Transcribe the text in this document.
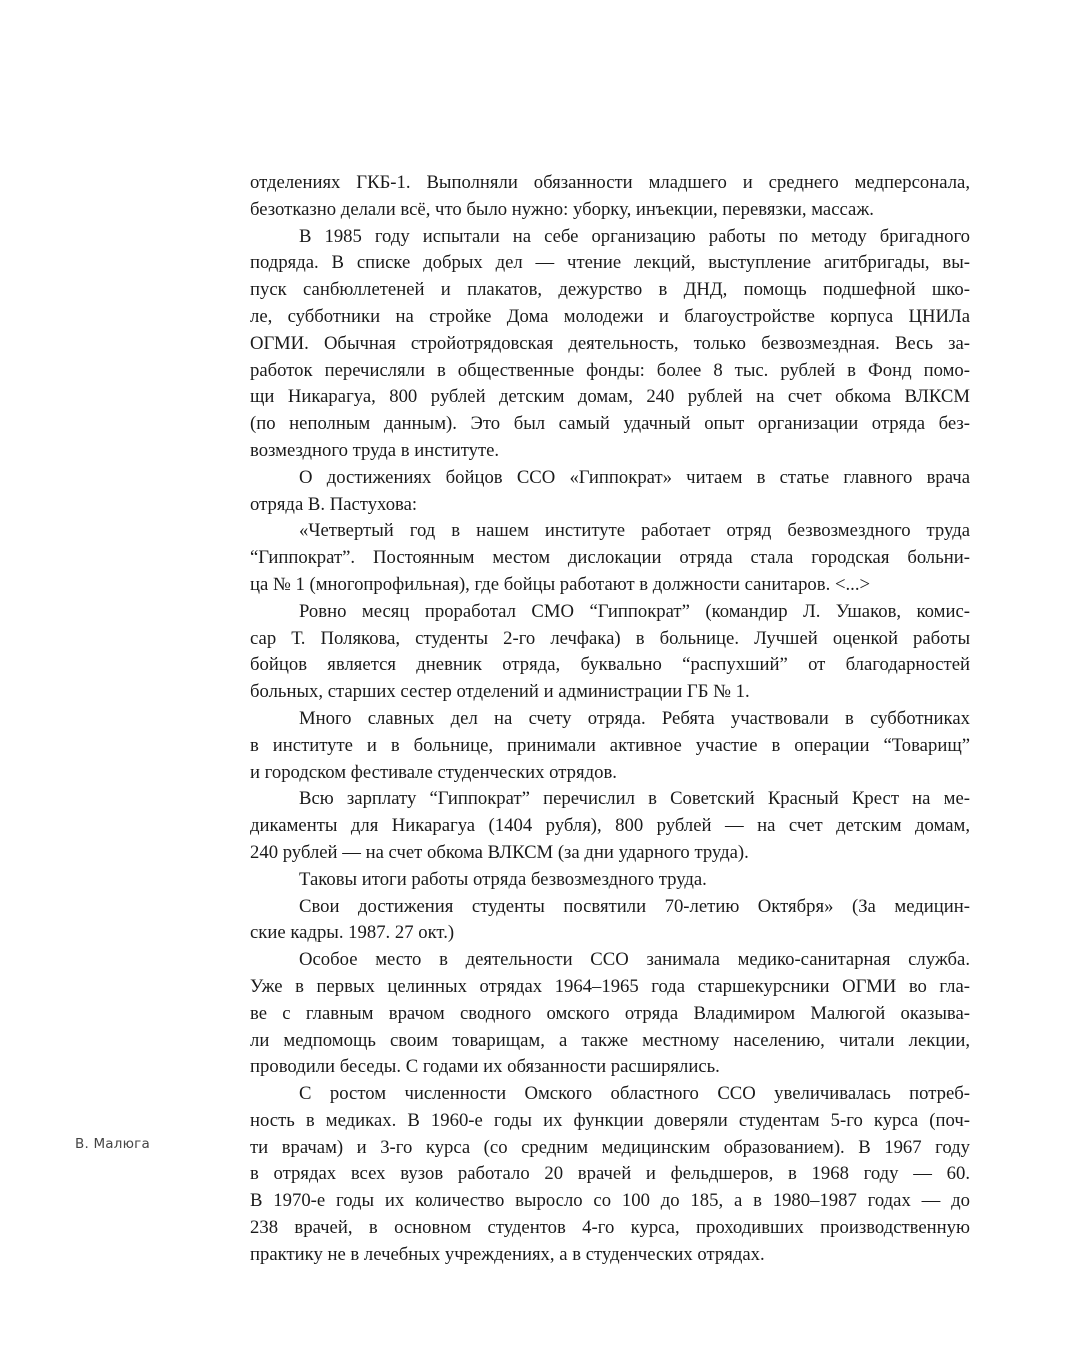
отделениях ГКБ-1. Выполняли обязанности младшего и среднего медперсонала,
безотказно делали всё, что было нужно: уборку, инъекции, перевязки, массаж.
В 1985 году испытали на себе организацию работы по методу бригадного
подряда. В списке добрых дел — чтение лекций, выступление агитбригады, вы-
пуск санбюллетеней и плакатов, дежурство в ДНД, помощь подшефной шко-
ле, субботники на стройке Дома молодежи и благоустройстве корпуса ЦНИЛа
ОГМИ. Обычная стройотрядовская деятельность, только безвозмездная. Весь за-
работок перечисляли в общественные фонды: более 8 тыс. рублей в Фонд помо-
щи Никарагуа, 800 рублей детским домам, 240 рублей на счет обкома ВЛКСМ
(по неполным данным). Это был самый удачный опыт организации отряда без-
возмездного труда в институте.
О достижениях бойцов ССО «Гиппократ» читаем в статье главного врача
отряда В. Пастухова:
«Четвертый год в нашем институте работает отряд безвозмездного труда
“Гиппократ”. Постоянным местом дислокации отряда стала городская больни-
ца № 1 (многопрофильная), где бойцы работают в должности санитаров. <...>
Ровно месяц проработал СМО “Гиппократ” (командир Л. Ушаков, комис-
сар Т. Полякова, студенты 2-го лечфака) в больнице. Лучшей оценкой работы
бойцов является дневник отряда, буквально “распухший” от благодарностей
больных, старших сестер отделений и администрации ГБ № 1.
Много славных дел на счету отряда. Ребята участвовали в субботниках
в институте и в больнице, принимали активное участие в операции “Товарищ”
и городском фестивале студенческих отрядов.
Всю зарплату “Гиппократ” перечислил в Советский Красный Крест на ме-
дикаменты для Никарагуа (1404 рубля), 800 рублей — на счет детским домам,
240 рублей — на счет обкома ВЛКСМ (за дни ударного труда).
Таковы итоги работы отряда безвозмездного труда.
Свои достижения студенты посвятили 70-летию Октября» (За медицин-
ские кадры. 1987. 27 окт.)
Особое место в деятельности ССО занимала медико-санитарная служба.
Уже в первых целинных отрядах 1964–1965 года старшекурсники ОГМИ во гла-
ве с главным врачом сводного омского отряда Владимиром Малюгой оказыва-
ли медпомощь своим товарищам, а также местному населению, читали лекции,
проводили беседы. С годами их обязанности расширялись.
С ростом численности Омского областного ССО увеличивалась потреб-
ность в медиках. В 1960-е годы их функции доверяли студентам 5-го курса (поч-
ти врачам) и 3-го курса (со средним медицинским образованием). В 1967 году
в отрядах всех вузов работало 20 врачей и фельдшеров, в 1968 году — 60.
В 1970-е годы их количество выросло со 100 до 185, а в 1980–1987 годах — до
238 врачей, в основном студентов 4-го курса, проходивших производственную
практику не в лечебных учреждениях, а в студенческих отрядах.
В. Малюга
